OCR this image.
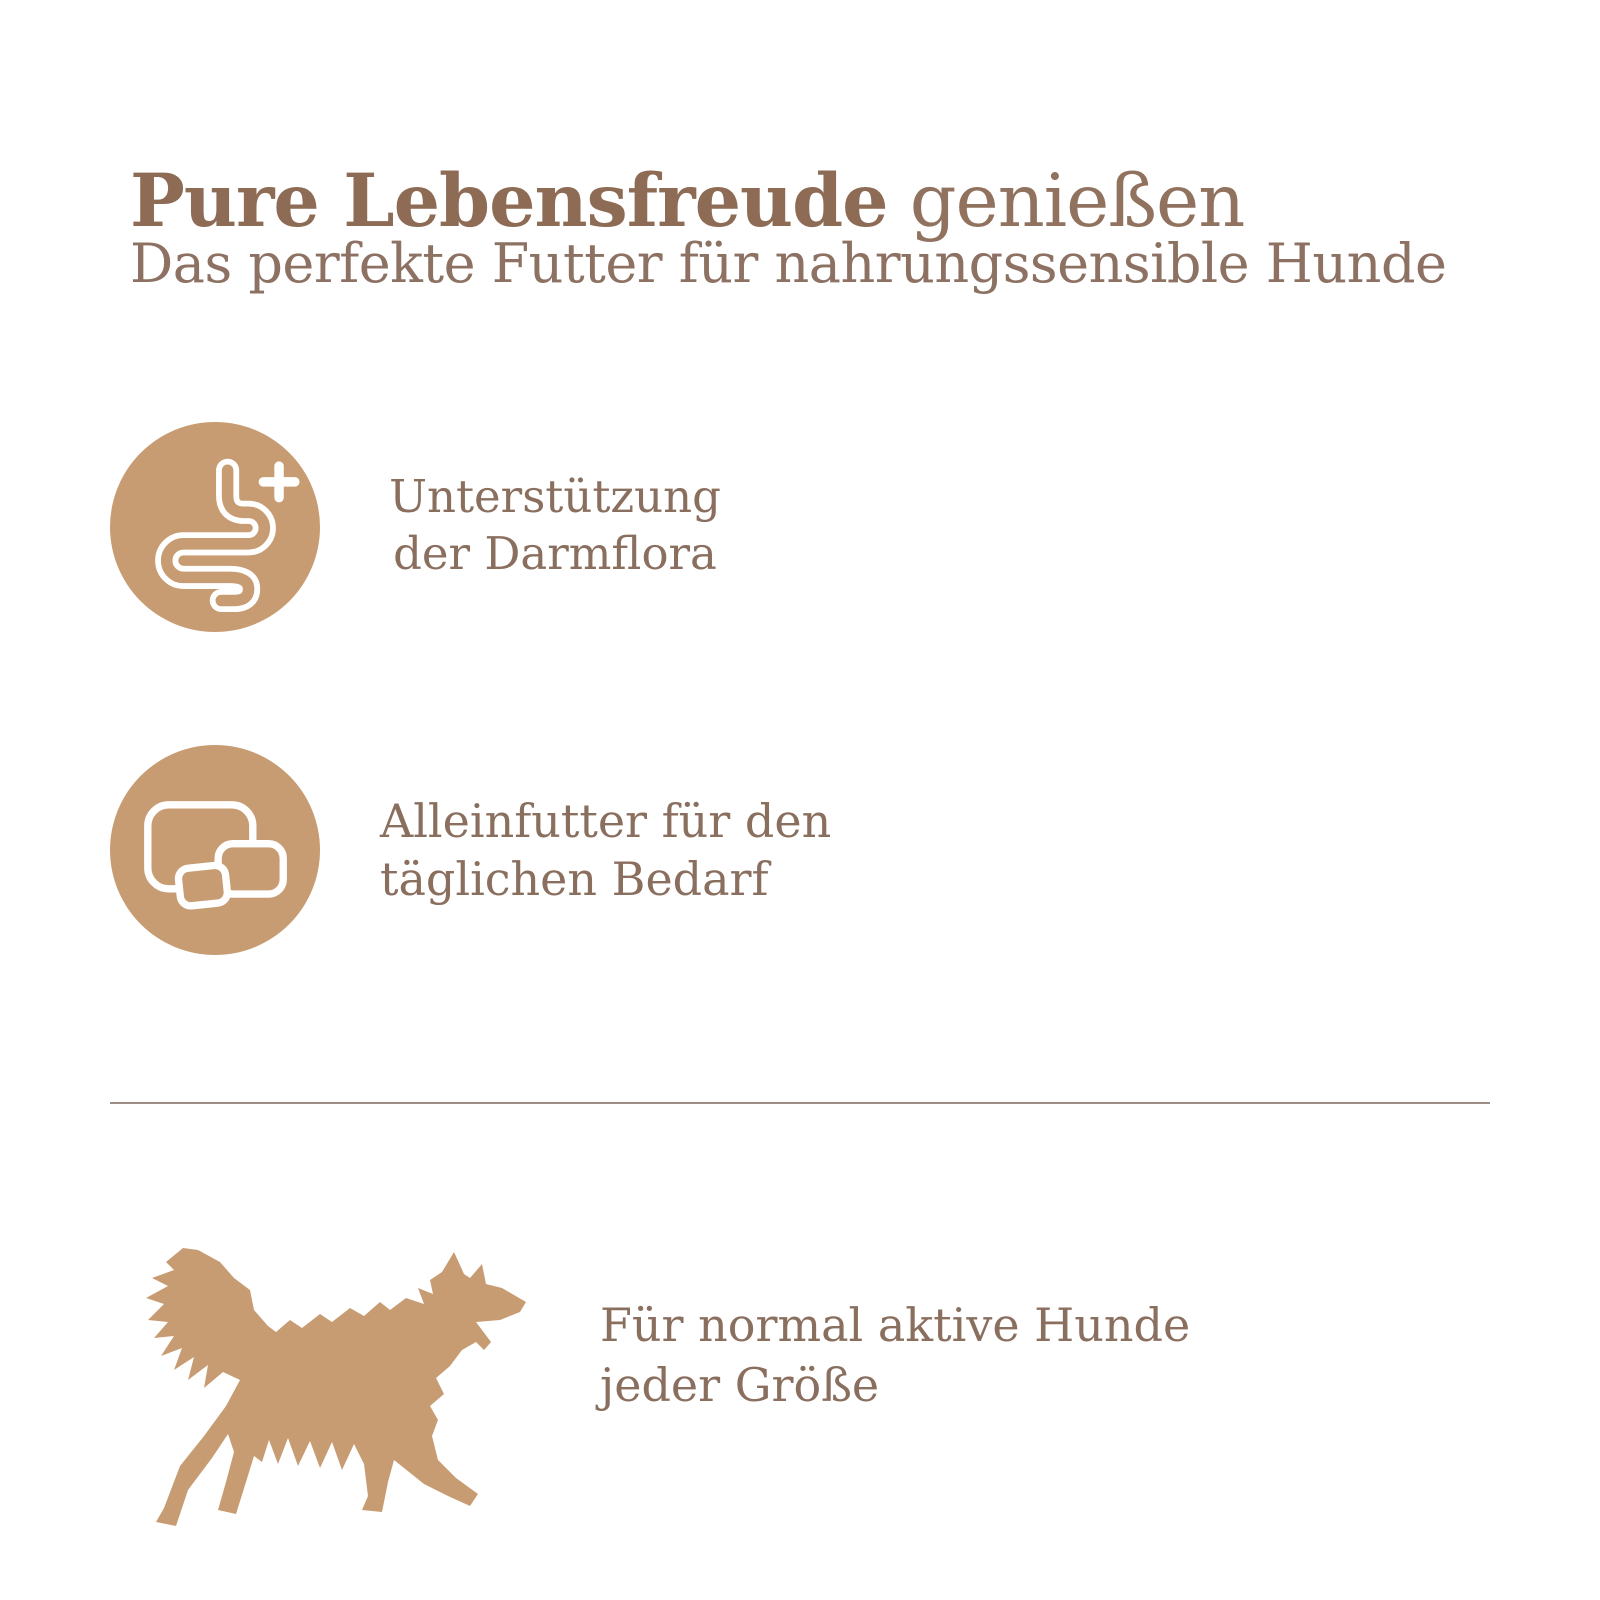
Pure Lebensfreude genießen
Das perfekte Futter für nahrungssensible Hunde
Unterstützung
der Darmflora
Alleinfutter für den
täglichen Bedarf
Für normal aktive Hunde
jeder Größe
